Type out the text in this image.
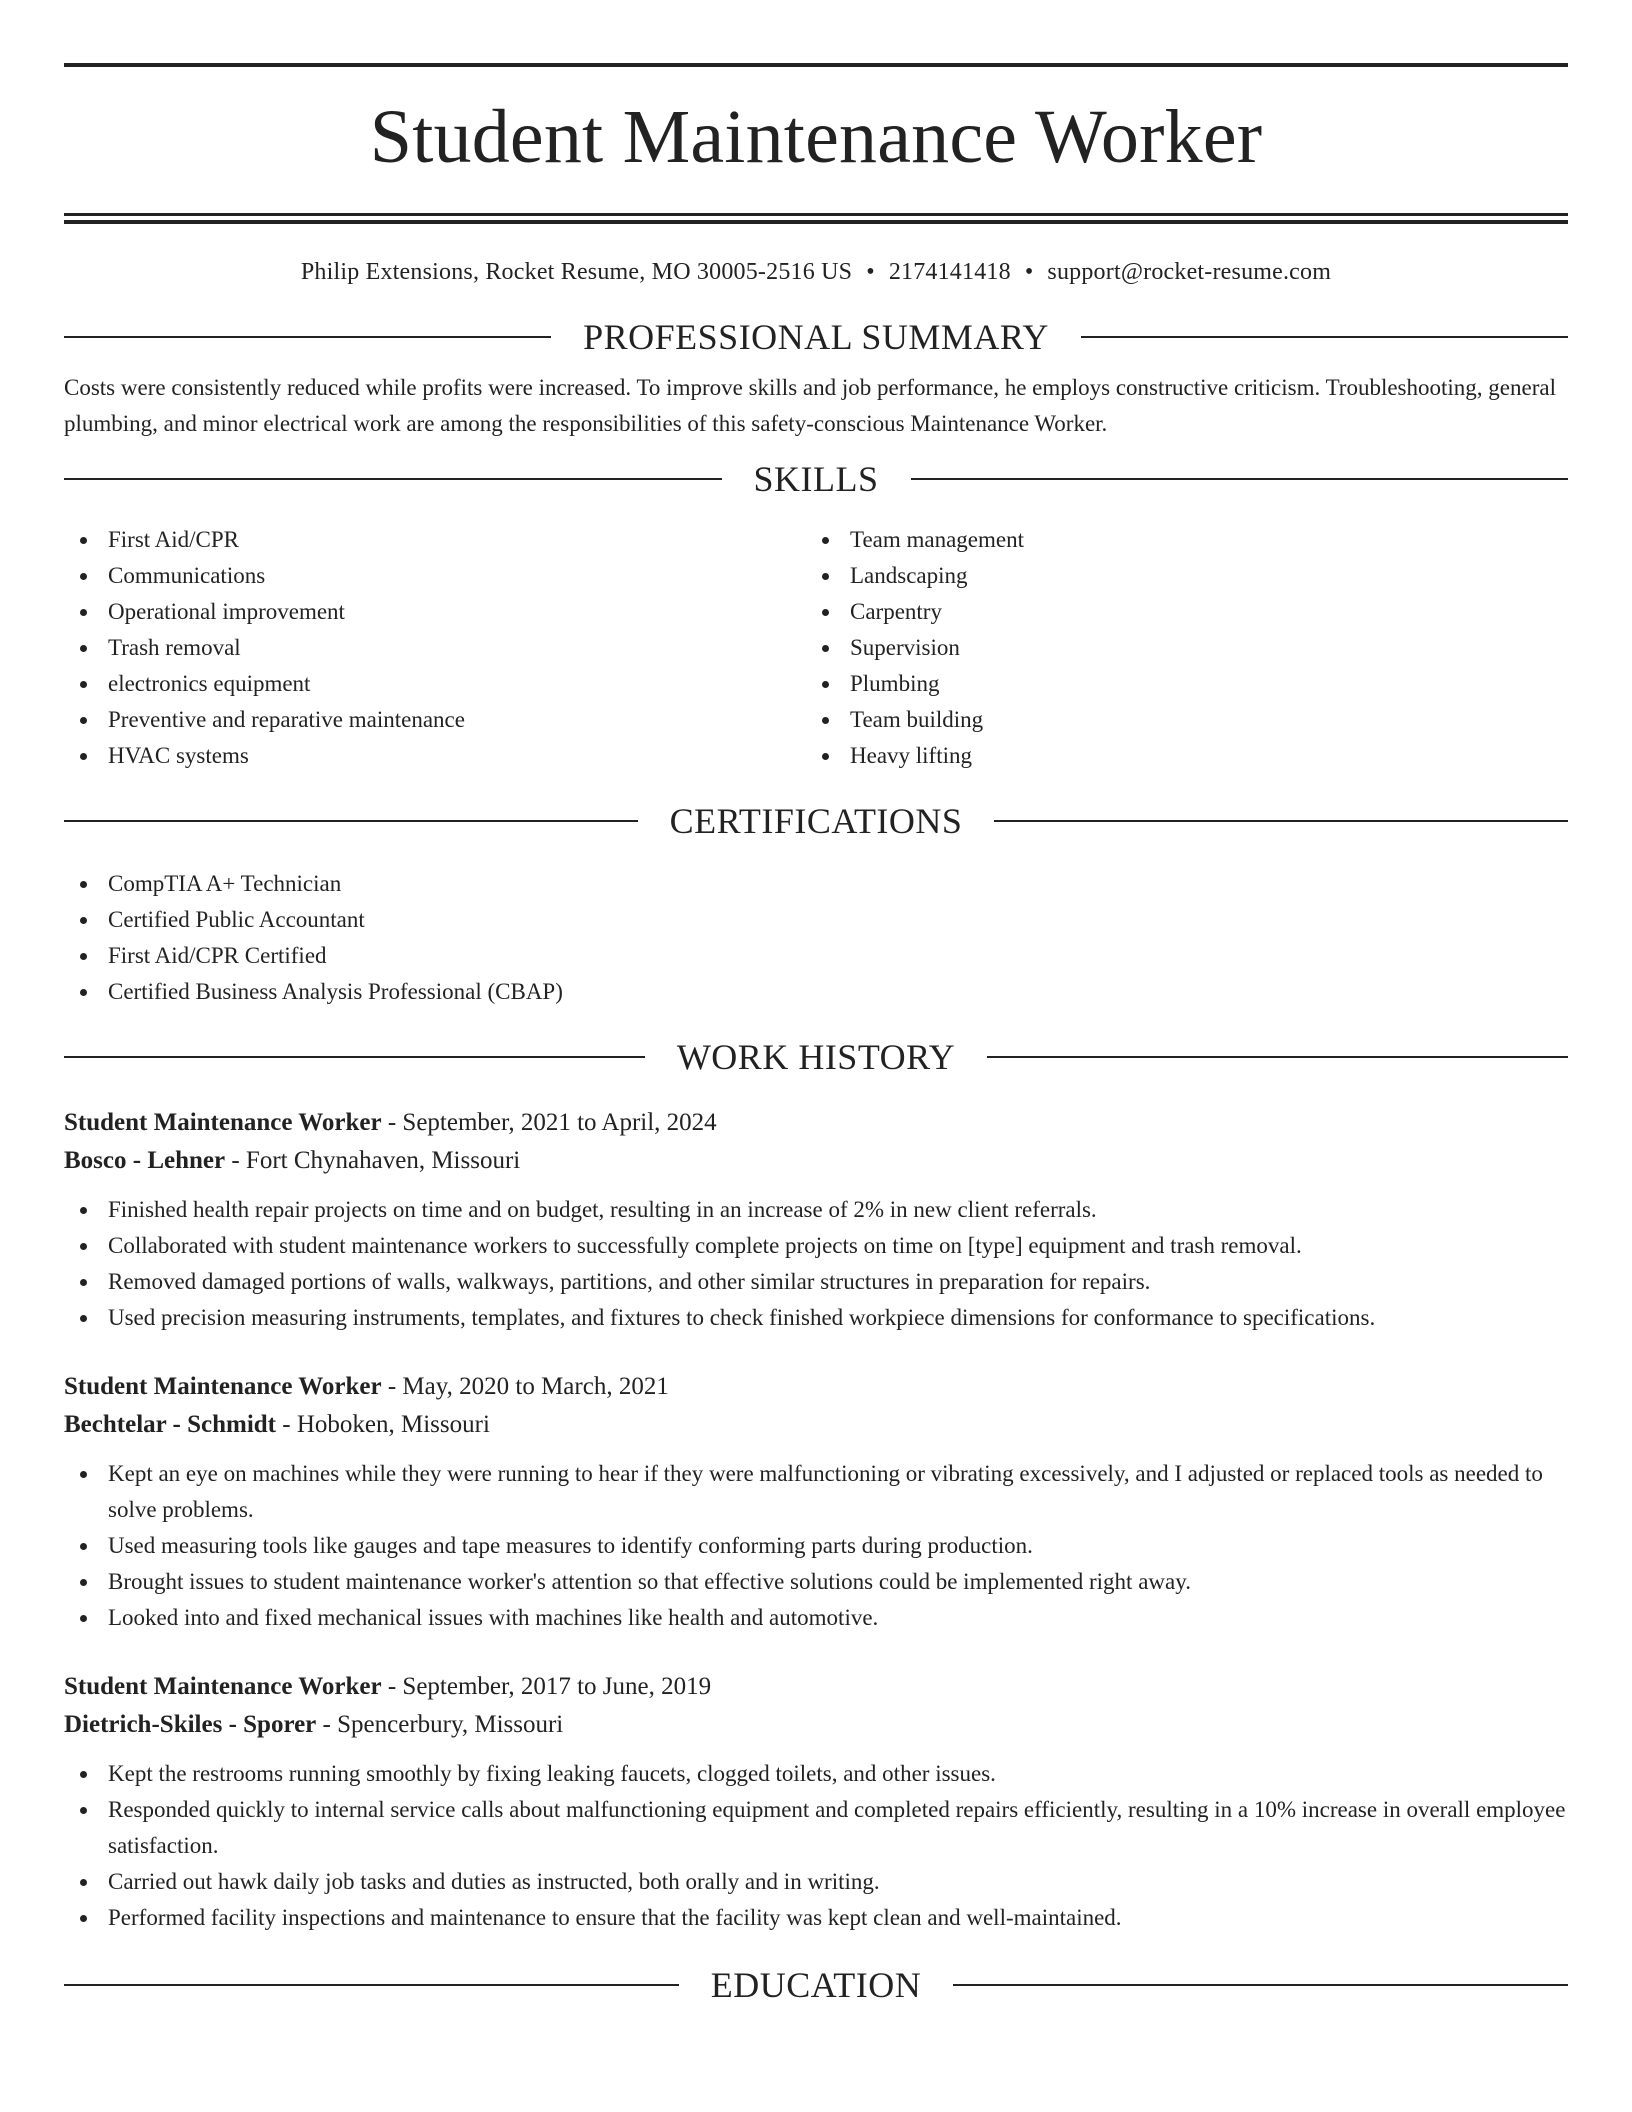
Student Maintenance Worker
Philip Extensions, Rocket Resume, MO 30005-2516 US • 2174141418 • support@rocket-resume.com
PROFESSIONAL SUMMARY
Costs were consistently reduced while profits were increased. To improve skills and job performance, he employs constructive criticism. Troubleshooting, general plumbing, and minor electrical work are among the responsibilities of this safety-conscious Maintenance Worker.
SKILLS
First Aid/CPR
Communications
Operational improvement
Trash removal
electronics equipment
Preventive and reparative maintenance
HVAC systems
Team management
Landscaping
Carpentry
Supervision
Plumbing
Team building
Heavy lifting
CERTIFICATIONS
CompTIA A+ Technician
Certified Public Accountant
First Aid/CPR Certified
Certified Business Analysis Professional (CBAP)
WORK HISTORY
Student Maintenance Worker - September, 2021 to April, 2024
Bosco - Lehner - Fort Chynahaven, Missouri
Finished health repair projects on time and on budget, resulting in an increase of 2% in new client referrals.
Collaborated with student maintenance workers to successfully complete projects on time on [type] equipment and trash removal.
Removed damaged portions of walls, walkways, partitions, and other similar structures in preparation for repairs.
Used precision measuring instruments, templates, and fixtures to check finished workpiece dimensions for conformance to specifications.
Student Maintenance Worker - May, 2020 to March, 2021
Bechtelar - Schmidt - Hoboken, Missouri
Kept an eye on machines while they were running to hear if they were malfunctioning or vibrating excessively, and I adjusted or replaced tools as needed to solve problems.
Used measuring tools like gauges and tape measures to identify conforming parts during production.
Brought issues to student maintenance worker's attention so that effective solutions could be implemented right away.
Looked into and fixed mechanical issues with machines like health and automotive.
Student Maintenance Worker - September, 2017 to June, 2019
Dietrich-Skiles - Sporer - Spencerbury, Missouri
Kept the restrooms running smoothly by fixing leaking faucets, clogged toilets, and other issues.
Responded quickly to internal service calls about malfunctioning equipment and completed repairs efficiently, resulting in a 10% increase in overall employee satisfaction.
Carried out hawk daily job tasks and duties as instructed, both orally and in writing.
Performed facility inspections and maintenance to ensure that the facility was kept clean and well-maintained.
EDUCATION
